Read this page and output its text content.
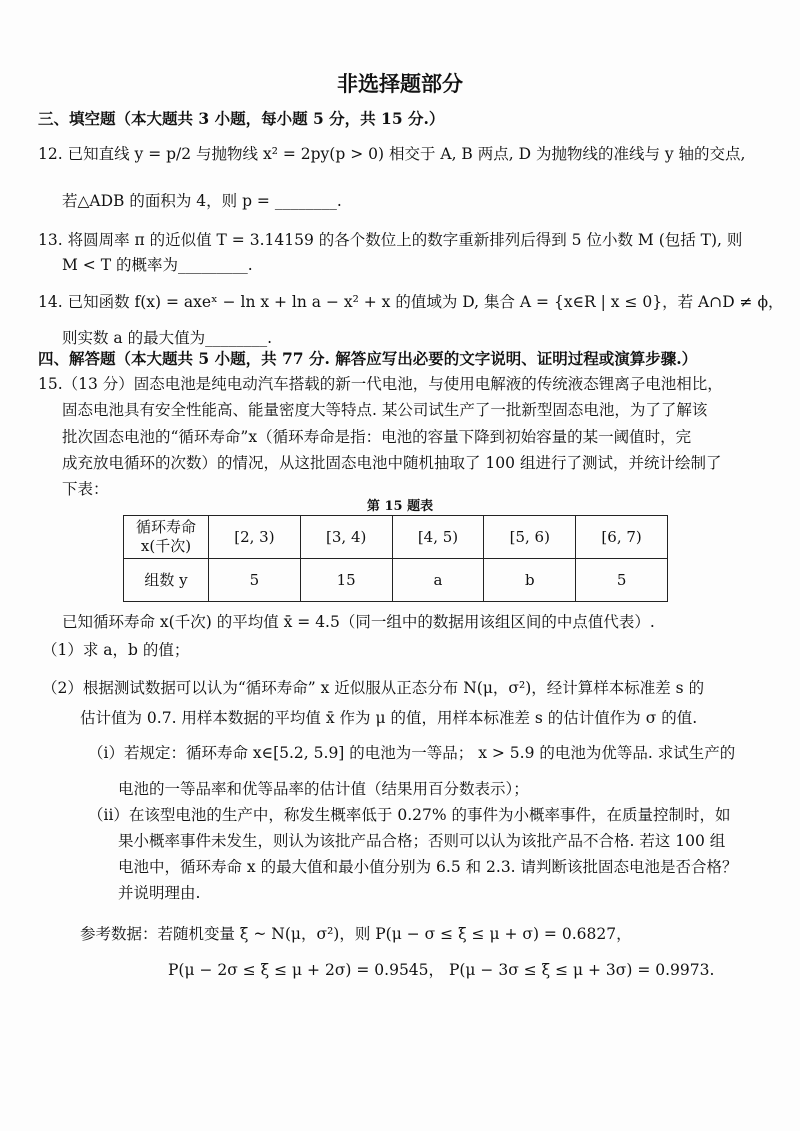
非选择题部分
三、填空题（本大题共 3 小题，每小题 5 分，共 15 分.）
12. 已知直线 y = p/2 与抛物线 x² = 2py(p > 0) 相交于 A, B 两点, D 为抛物线的准线与 y 轴的交点,
若△ADB 的面积为 4，则 p = ________.
13. 将圆周率 π 的近似值 T = 3.14159 的各个数位上的数字重新排列后得到 5 位小数 M (包括 T), 则
M < T 的概率为_________.
14. 已知函数 f(x) = axeˣ − ln x + ln a − x² + x 的值域为 D, 集合 A = {x∈R | x ≤ 0}，若 A∩D ≠ ϕ，
则实数 a 的最大值为________.
四、解答题（本大题共 5 小题，共 77 分. 解答应写出必要的文字说明、证明过程或演算步骤.）
15.（13 分）固态电池是纯电动汽车搭载的新一代电池，与使用电解液的传统液态锂离子电池相比，
固态电池具有安全性能高、能量密度大等特点. 某公司试生产了一批新型固态电池，为了了解该
批次固态电池的“循环寿命”x（循环寿命是指：电池的容量下降到初始容量的某一阈值时，完
成充放电循环的次数）的情况，从这批固态电池中随机抽取了 100 组进行了测试，并统计绘制了
下表：
第 15 题表
循环寿命
x(千次)	[2, 3)	[3, 4)	[4, 5)	[5, 6)	[6, 7)
组数 y	5	15	a	b	5
已知循环寿命 x(千次) 的平均值 x̄ = 4.5（同一组中的数据用该组区间的中点值代表）.
（1）求 a，b 的值；
（2）根据测试数据可以认为“循环寿命” x 近似服从正态分布 N(μ，σ²)，经计算样本标准差 s 的
估计值为 0.7. 用样本数据的平均值 x̄ 作为 μ 的值，用样本标准差 s 的估计值作为 σ 的值.
（i）若规定：循环寿命 x∈[5.2, 5.9] 的电池为一等品； x > 5.9 的电池为优等品. 求试生产的
电池的一等品率和优等品率的估计值（结果用百分数表示）；
（ii）在该型电池的生产中，称发生概率低于 0.27% 的事件为小概率事件，在质量控制时，如
果小概率事件未发生，则认为该批产品合格；否则可以认为该批产品不合格. 若这 100 组
电池中，循环寿命 x 的最大值和最小值分别为 6.5 和 2.3. 请判断该批固态电池是否合格？
并说明理由.
参考数据：若随机变量 ξ ~ N(μ，σ²)，则 P(μ − σ ≤ ξ ≤ μ + σ) = 0.6827，
P(μ − 2σ ≤ ξ ≤ μ + 2σ) = 0.9545， P(μ − 3σ ≤ ξ ≤ μ + 3σ) = 0.9973.
